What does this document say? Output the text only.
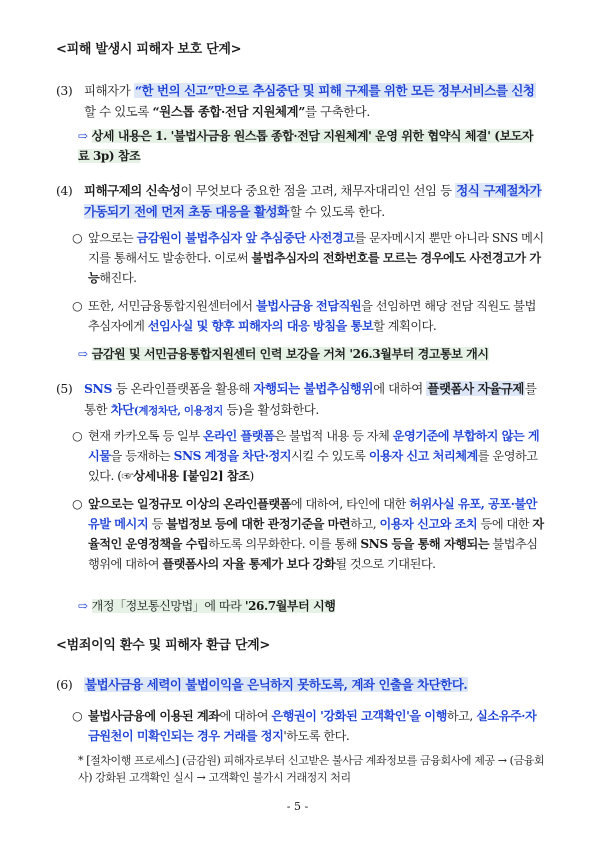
<피해 발생시 피해자 보호 단계>
(3) 피해자가 “한 번의 신고”만으로 추심중단 및 피해 구제를 위한 모든 정부서비스를 신청할 수 있도록 “원스톱 종합·전담 지원체계”를 구축한다.
⇨ 상세 내용은 1. '불법사금융 원스톱 종합·전담 지원체계' 운영 위한 협약식 체결' (보도자료 3p) 참조
(4) 피해구제의 신속성이 무엇보다 중요한 점을 고려, 채무자대리인 선임 등 정식 구제절차가 가동되기 전에 먼저 초동 대응을 활성화할 수 있도록 한다.
○ 앞으로는 금감원이 불법추심자 앞 추심중단 사전경고를 문자메시지 뿐만 아니라 SNS 메시지를 통해서도 발송한다. 이로써 불법추심자의 전화번호를 모르는 경우에도 사전경고가 가능해진다.
○ 또한, 서민금융통합지원센터에서 불법사금융 전담직원을 선임하면 해당 전담 직원도 불법추심자에게 선임사실 및 향후 피해자의 대응 방침을 통보할 계획이다.
⇨ 금감원 및 서민금융통합지원센터 인력 보강을 거쳐 '26.3월부터 경고통보 개시
(5) SNS 등 온라인플랫폼을 활용해 자행되는 불법추심행위에 대하여 플랫폼사 자율규제를 통한 차단(계정차단, 이용정지 등)을 활성화한다.
○ 현재 카카오톡 등 일부 온라인 플랫폼은 불법적 내용 등 자체 운영기준에 부합하지 않는 게시물을 등재하는 SNS 계정을 차단·정지시킬 수 있도록 이용자 신고 처리체계를 운영하고 있다. (☞상세내용 [붙임2] 참조)
○ 앞으로는 일정규모 이상의 온라인플랫폼에 대하여, 타인에 대한 허위사실 유포, 공포·불안 유발 메시지 등 불법정보 등에 대한 관정기준을 마련하고, 이용자 신고와 조치 등에 대한 자율적인 운영정책을 수립하도록 의무화한다. 이를 통해 SNS 등을 통해 자행되는 불법추심행위에 대하여 플랫폼사의 자율 통제가 보다 강화될 것으로 기대된다.
⇨ 개정「정보통신망법」에 따라 '26.7월부터 시행
<범죄이익 환수 및 피해자 환급 단계>
(6) 불법사금융 세력이 불법이익을 은닉하지 못하도록, 계좌 인출을 차단한다.
○ 불법사금융에 이용된 계좌에 대하여 은행권이 '강화된 고객확인'을 이행하고, 실소유주·자금원천이 미확인되는 경우 거래를 정지'하도록 한다.
* [절차이행 프로세스] (금감원) 피해자로부터 신고받은 불사금 계좌정보를 금융회사에 제공 → (금융회사) 강화된 고객확인 실시 → 고객확인 불가시 거래정지 처리
- 5 -
